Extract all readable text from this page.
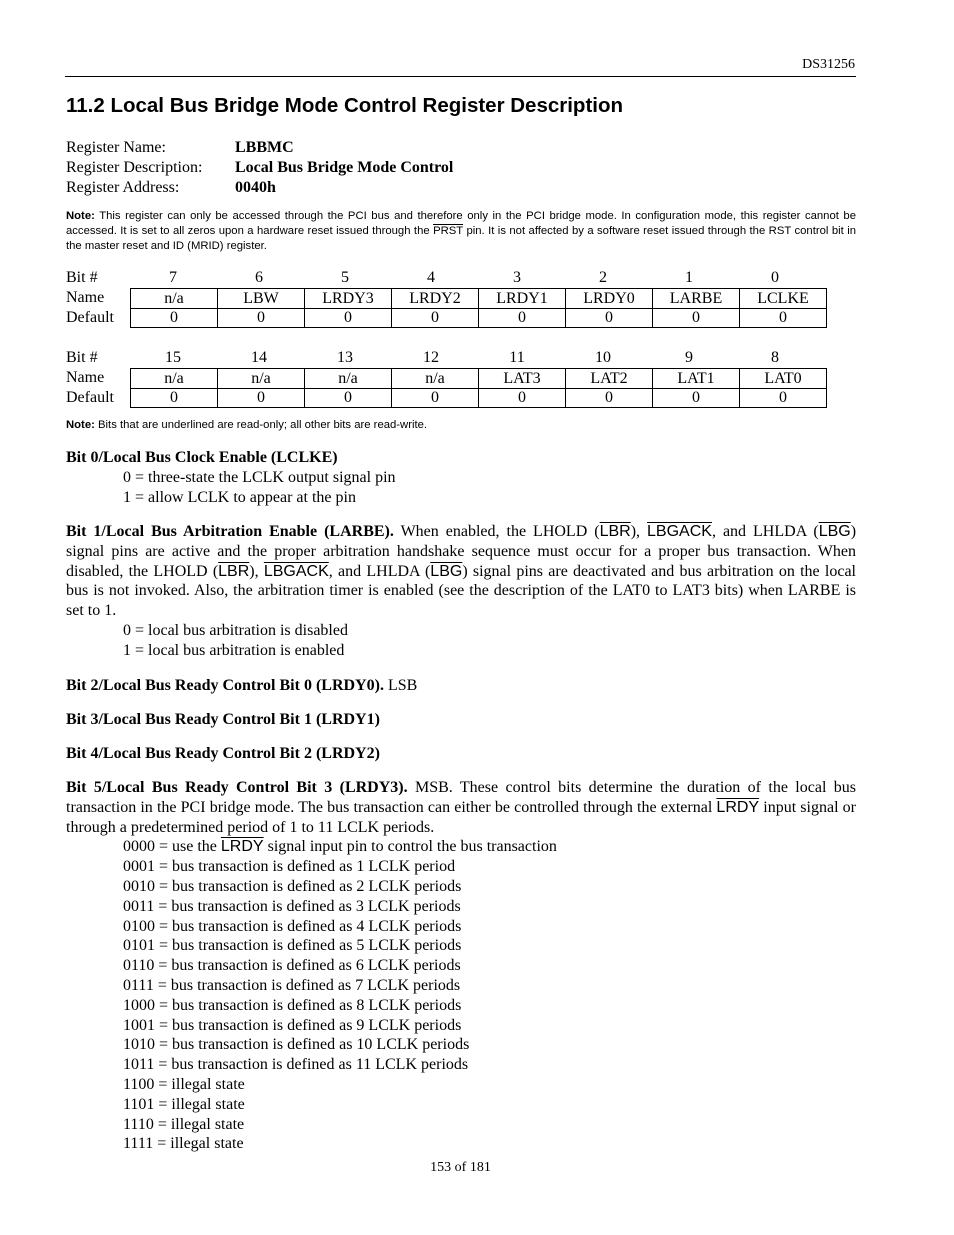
DS31256
11.2 Local Bus Bridge Mode Control Register Description
Register Name:	LBBMC
Register Description:	Local Bus Bridge Mode Control
Register Address:	0040h
Note: This register can only be accessed through the PCI bus and therefore only in the PCI bridge mode. In configuration mode, this register cannot be accessed. It is set to all zeros upon a hardware reset issued through the PRST pin. It is not affected by a software reset issued through the RST control bit in the master reset and ID (MRID) register.
Bit #	7	6	5	4	3	2	1	0
Name	n/a	LBW	LRDY3	LRDY2	LRDY1	LRDY0	LARBE	LCLKE
Default	0	0	0	0	0	0	0	0
Bit #	15	14	13	12	11	10	9	8
Name	n/a	n/a	n/a	n/a	LAT3	LAT2	LAT1	LAT0
Default	0	0	0	0	0	0	0	0
Note: Bits that are underlined are read-only; all other bits are read-write.
Bit 0/Local Bus Clock Enable (LCLKE)
0 = three-state the LCLK output signal pin
1 = allow LCLK to appear at the pin
Bit 1/Local Bus Arbitration Enable (LARBE). When enabled, the LHOLD $(\overline{LBR})$, LBGACK, and LHLDA $(\overline{LBG})$ signal pins are active and the proper arbitration handshake sequence must occur for a proper bus transaction. When disabled, the LHOLD $(\overline{LBR})$, LBGACK, and LHLDA $(\overline{LBG})$ signal pins are deactivated and bus arbitration on the local bus is not invoked. Also, the arbitration timer is enabled (see the description of the LAT0 to LAT3 bits) when LARBE is set to 1.
0 = local bus arbitration is disabled
1 = local bus arbitration is enabled
Bit 2/Local Bus Ready Control Bit 0 (LRDY0). LSB
Bit 3/Local Bus Ready Control Bit 1 (LRDY1)
Bit 4/Local Bus Ready Control Bit 2 (LRDY2)
Bit 5/Local Bus Ready Control Bit 3 (LRDY3). MSB. These control bits determine the duration of the local bus transaction in the PCI bridge mode. The bus transaction can either be controlled through the external LRDY input signal or through a predetermined period of 1 to 11 LCLK periods.
0000 = use the LRDY signal input pin to control the bus transaction
0001 = bus transaction is defined as 1 LCLK period
0010 = bus transaction is defined as 2 LCLK periods
0011 = bus transaction is defined as 3 LCLK periods
0100 = bus transaction is defined as 4 LCLK periods
0101 = bus transaction is defined as 5 LCLK periods
0110 = bus transaction is defined as 6 LCLK periods
0111 = bus transaction is defined as 7 LCLK periods
1000 = bus transaction is defined as 8 LCLK periods
1001 = bus transaction is defined as 9 LCLK periods
1010 = bus transaction is defined as 10 LCLK periods
1011 = bus transaction is defined as 11 LCLK periods
1100 = illegal state
1101 = illegal state
1110 = illegal state
1111 = illegal state
153 of 181
